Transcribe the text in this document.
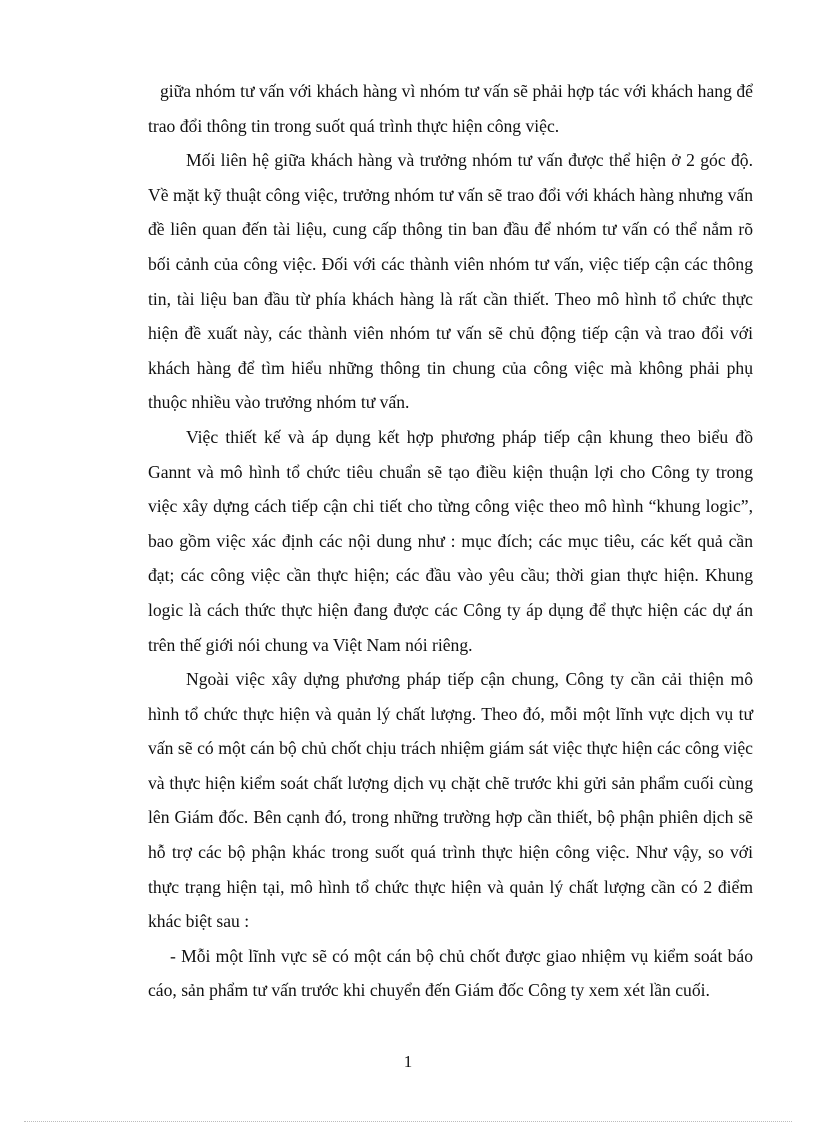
giữa nhóm tư vấn với khách hàng vì nhóm tư vấn sẽ phải hợp tác với khách hang để trao đổi thông tin trong suốt quá trình thực hiện công việc.

Mối liên hệ giữa khách hàng và trưởng nhóm tư vấn được thể hiện ở 2 góc độ. Về mặt kỹ thuật công việc, trưởng nhóm tư vấn sẽ trao đổi với khách hàng nhưng vấn đề liên quan đến tài liệu, cung cấp thông tin ban đầu để nhóm tư vấn có thể nắm rõ bối cảnh của công việc. Đối với các thành viên nhóm tư vấn, việc tiếp cận các thông tin, tài liệu ban đầu từ phía khách hàng là rất cần thiết. Theo mô hình tổ chức thực hiện đề xuất này, các thành viên nhóm tư vấn sẽ chủ động tiếp cận và trao đổi với khách hàng để tìm hiểu những thông tin chung của công việc mà không phải phụ thuộc nhiều vào trưởng nhóm tư vấn.

Việc thiết kế và áp dụng kết hợp phương pháp tiếp cận khung theo biểu đồ Gannt và mô hình tổ chức tiêu chuẩn sẽ tạo điều kiện thuận lợi cho Công ty trong việc xây dựng cách tiếp cận chi tiết cho từng công việc theo mô hình “khung logic”, bao gồm việc xác định các nội dung như : mục đích; các mục tiêu, các kết quả cần đạt; các công việc cần thực hiện; các đầu vào yêu cầu; thời gian thực hiện. Khung logic là cách thức thực hiện đang được các Công ty áp dụng để thực hiện các dự án trên thế giới nói chung va Việt Nam nói riêng.

Ngoài việc xây dựng phương pháp tiếp cận chung, Công ty cần cải thiện mô hình tổ chức thực hiện và quản lý chất lượng. Theo đó, mỗi một lĩnh vực dịch vụ tư vấn sẽ có một cán bộ chủ chốt chịu trách nhiệm giám sát việc thực hiện các công việc và thực hiện kiểm soát chất lượng dịch vụ chặt chẽ trước khi gửi sản phẩm cuối cùng lên Giám đốc. Bên cạnh đó, trong những trường hợp cần thiết, bộ phận phiên dịch sẽ hỗ trợ các bộ phận khác trong suốt quá trình thực hiện công việc. Như vậy, so với thực trạng hiện tại, mô hình tổ chức thực hiện và quản lý chất lượng cần có 2 điểm khác biệt sau :

- Mỗi một lĩnh vực sẽ có một cán bộ chủ chốt được giao nhiệm vụ kiểm soát báo cáo, sản phẩm tư vấn trước khi chuyển đến Giám đốc Công ty xem xét lần cuối.

1
